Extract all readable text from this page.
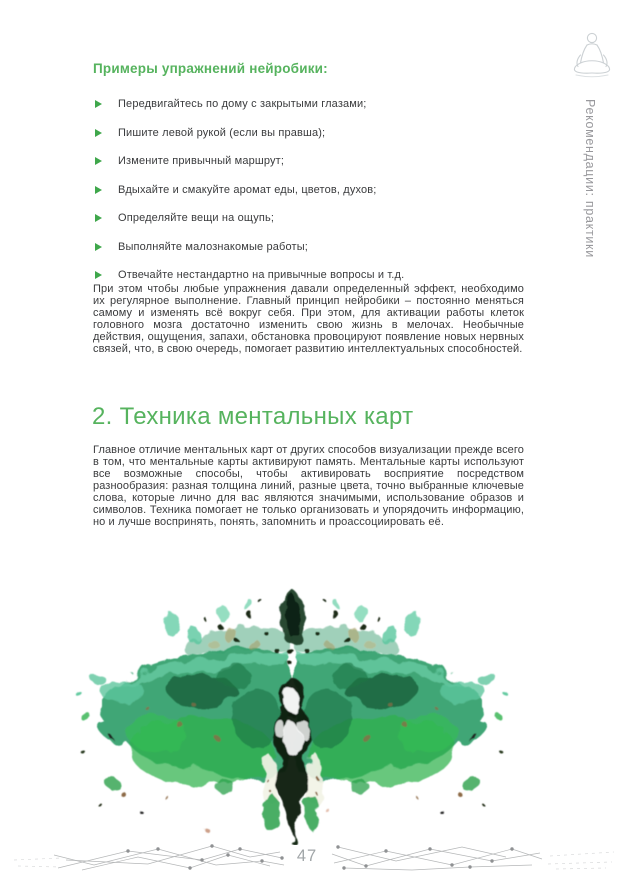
Рекомендации: практики
Примеры упражнений нейробики:
Передвигайтесь по дому с закрытыми глазами;
Пишите левой рукой (если вы правша);
Измените привычный маршрут;
Вдыхайте и смакуйте аромат еды, цветов, духов;
Определяйте вещи на ощупь;
Выполняйте малознакомые работы;
Отвечайте нестандартно на привычные вопросы и т.д.

При этом чтобы любые упражнения давали определенный эффект, необходимо их регулярное выполнение. Главный принцип нейробики – постоянно меняться самому и изменять всё вокруг себя. При этом, для активации работы клеток головного мозга достаточно изменить свою жизнь в мелочах. Необычные действия, ощущения, запахи, обстановка провоцируют появление новых нервных связей, что, в свою очередь, помогает развитию интеллектуальных способностей.

2. Техника ментальных карт

Главное отличие ментальных карт от других способов визуализации прежде всего в том, что ментальные карты активируют память. Ментальные карты используют все возможные способы, чтобы активировать восприятие посредством разнообразия: разная толщина линий, разные цвета, точно выбранные ключевые слова, которые лично для вас являются значимыми, использование образов и символов. Техника помогает не только организовать и упорядочить информацию, но и лучше воспринять, понять, запомнить и проассоциировать её.

47
